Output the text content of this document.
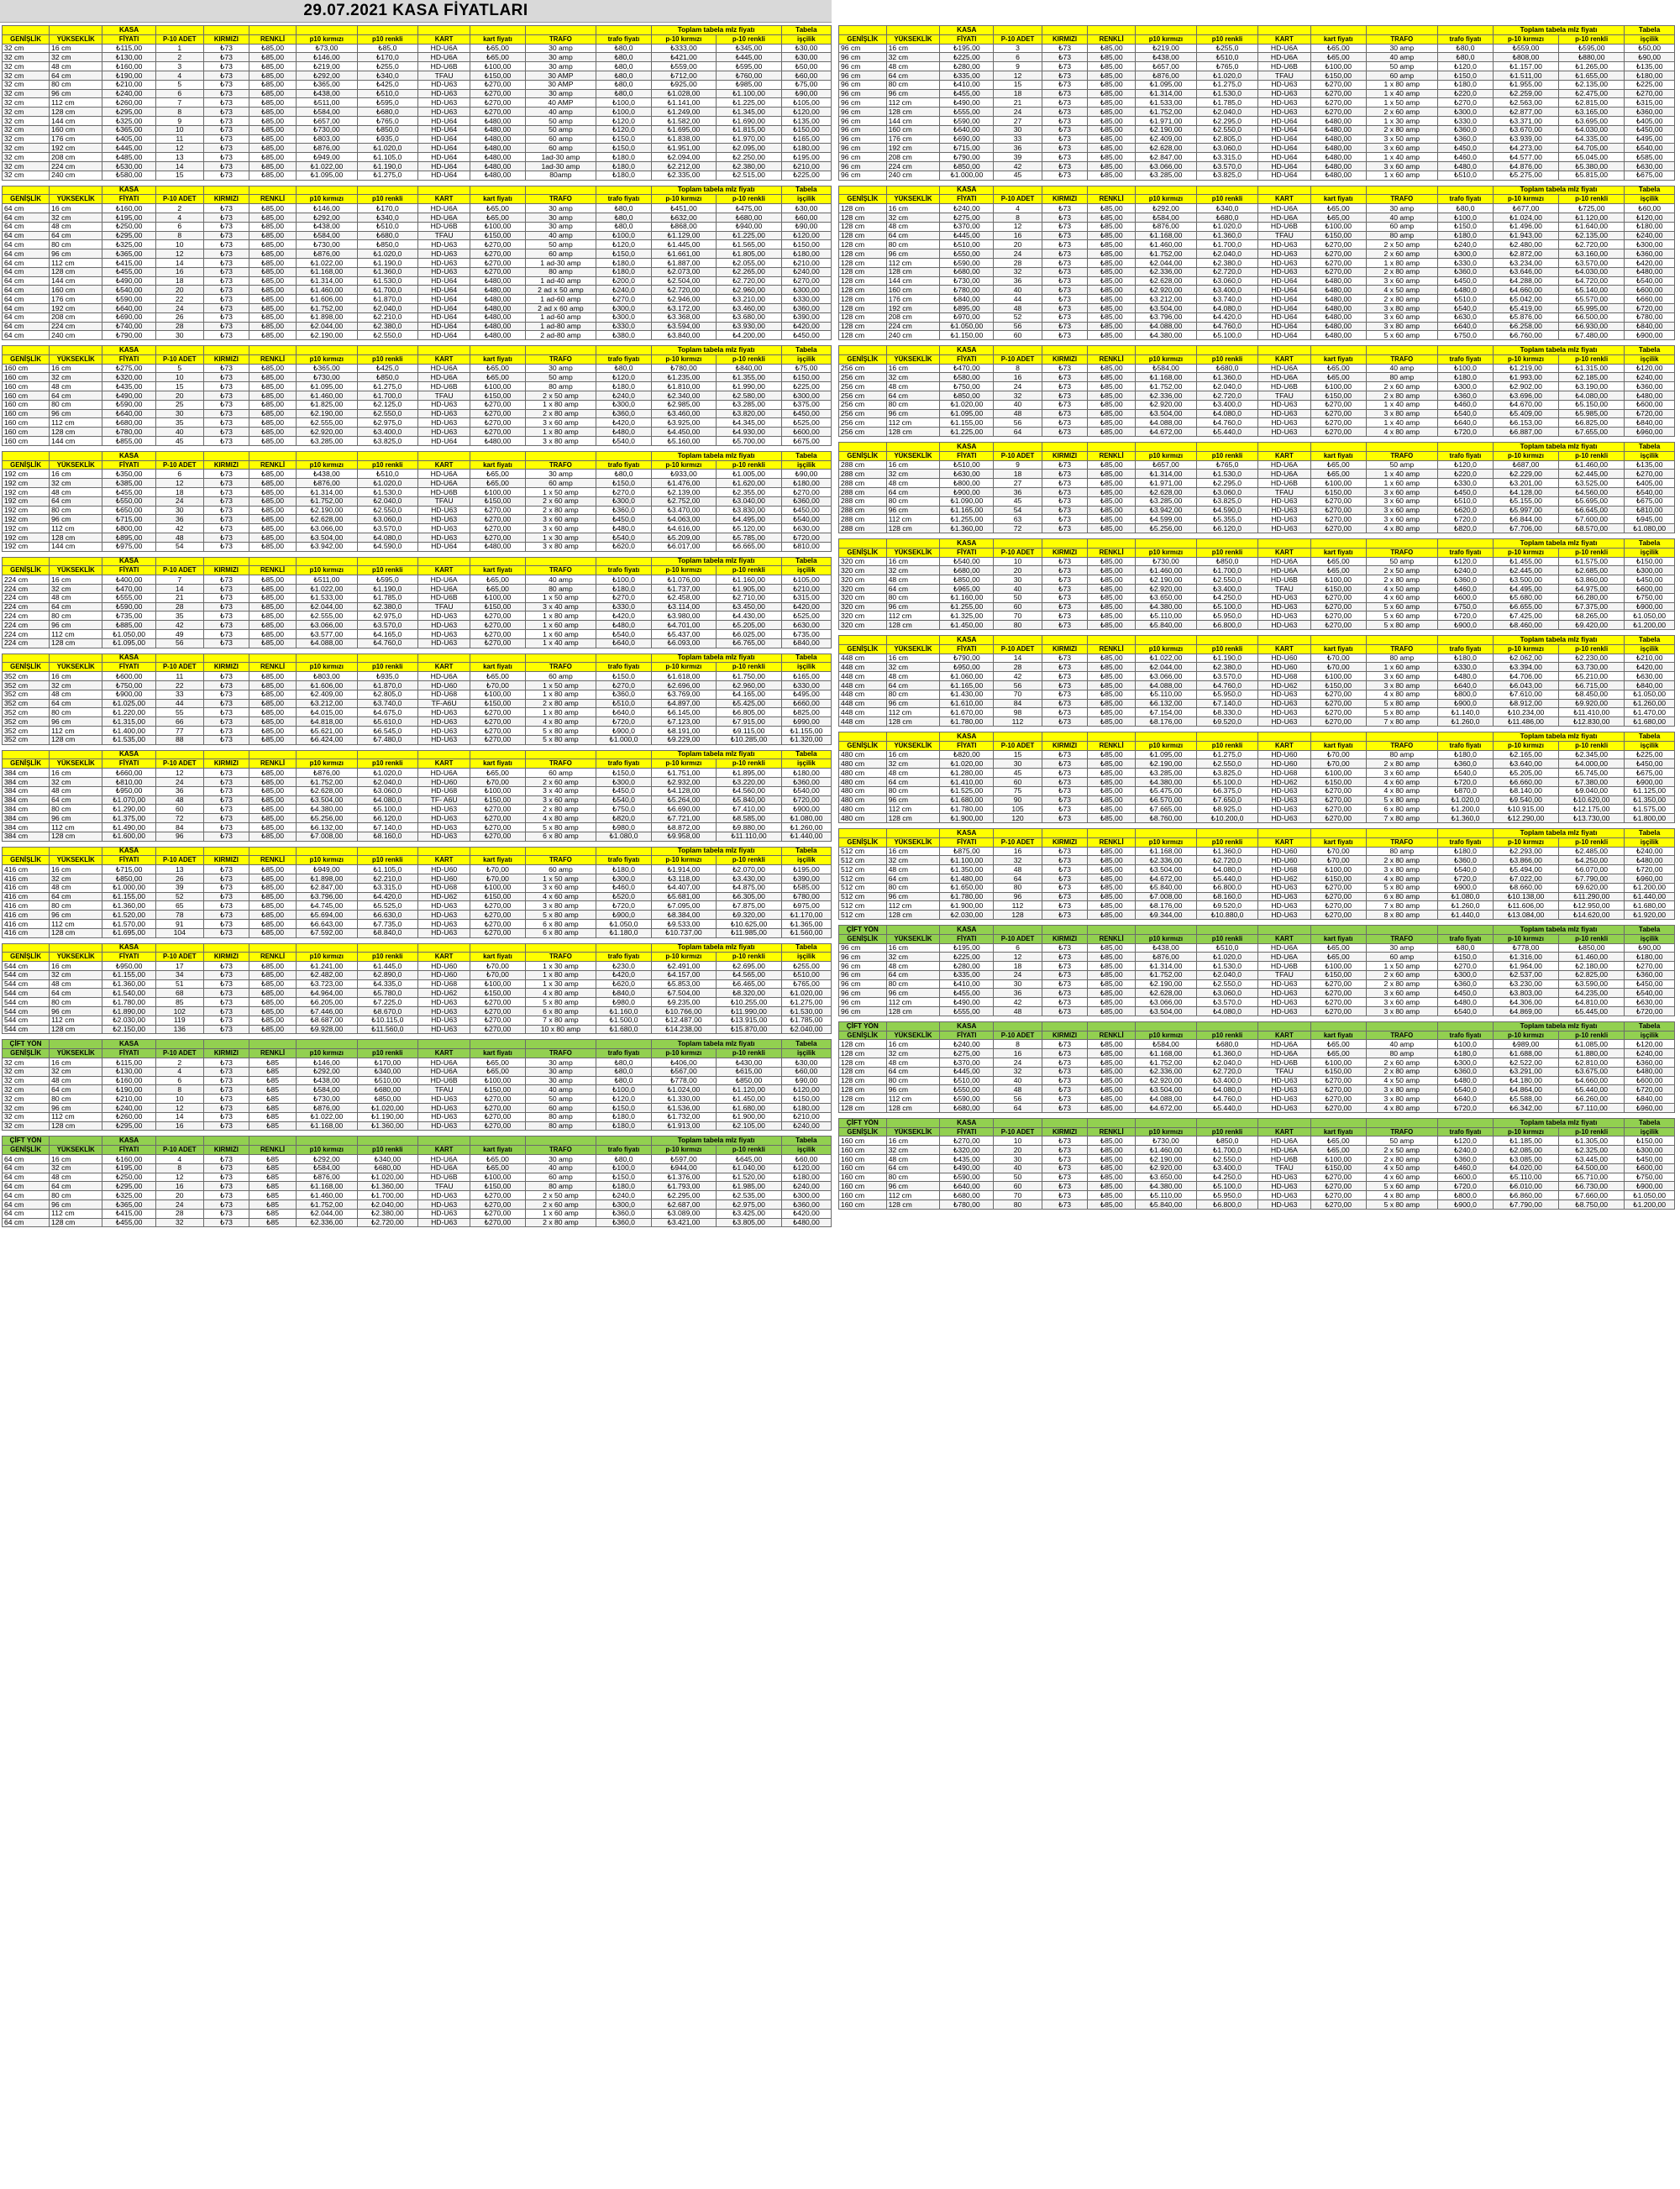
29.07.2021 KASA FİYATLARI
		KASA										Toplam tabela mlz fiyatı		Tabela
GENİŞLİK	YÜKSEKLİK	FİYATI	P-10 ADET	KIRMIZI	RENKLİ	p10 kırmızı	p10 renkli	KART	kart fiyatı	TRAFO	trafo fiyatı	p-10 kırmızı	p-10 renkli	işçilik
32 cm	16 cm	₺115,00	1	₺73	₺85,00	₺73,00	₺85,0	HD-U6A	₺65,00	30 amp	₺80,0	₺333,00	₺345,00	₺30,00
32 cm	32 cm	₺130,00	2	₺73	₺85,00	₺146,00	₺170,0	HD-U6A	₺65,00	30 amp	₺80,0	₺421,00	₺445,00	₺30,00
32 cm	48 cm	₺160,00	3	₺73	₺85,00	₺219,00	₺255,0	HD-U6B	₺100,00	30 amp	₺80,0	₺559,00	₺595,00	₺50,00
32 cm	64 cm	₺190,00	4	₺73	₺85,00	₺292,00	₺340,0	TFAU	₺150,00	30 AMP	₺80,0	₺712,00	₺760,00	₺60,00
32 cm	80 cm	₺210,00	5	₺73	₺85,00	₺365,00	₺425,0	HD-U63	₺270,00	30 AMP	₺80,0	₺925,00	₺985,00	₺75,00
32 cm	96 cm	₺240,00	6	₺73	₺85,00	₺438,00	₺510,0	HD-U63	₺270,00	30 amp	₺80,0	₺1.028,00	₺1.100,00	₺90,00
32 cm	112 cm	₺260,00	7	₺73	₺85,00	₺511,00	₺595,0	HD-U63	₺270,00	40 AMP	₺100,0	₺1.141,00	₺1.225,00	₺105,00
32 cm	128 cm	₺295,00	8	₺73	₺85,00	₺584,00	₺680,0	HD-U63	₺270,00	40 amp	₺100,0	₺1.249,00	₺1.345,00	₺120,00
32 cm	144 cm	₺325,00	9	₺73	₺85,00	₺657,00	₺765,0	HD-U64	₺480,00	50 amp	₺120,0	₺1.582,00	₺1.690,00	₺135,00
32 cm	160 cm	₺365,00	10	₺73	₺85,00	₺730,00	₺850,0	HD-U64	₺480,00	50 amp	₺120,0	₺1.695,00	₺1.815,00	₺150,00
32 cm	176 cm	₺405,00	11	₺73	₺85,00	₺803,00	₺935,0	HD-U64	₺480,00	60 amp	₺150,0	₺1.838,00	₺1.970,00	₺165,00
32 cm	192 cm	₺445,00	12	₺73	₺85,00	₺876,00	₺1.020,0	HD-U64	₺480,00	60 amp	₺150,0	₺1.951,00	₺2.095,00	₺180,00
32 cm	208 cm	₺485,00	13	₺73	₺85,00	₺949,00	₺1.105,0	HD-U64	₺480,00	1ad-30 amp	₺180,0	₺2.094,00	₺2.250,00	₺195,00
32 cm	224 cm	₺530,00	14	₺73	₺85,00	₺1.022,00	₺1.190,0	HD-U64	₺480,00	1ad-30 amp	₺180,0	₺2.212,00	₺2.380,00	₺210,00
32 cm	240 cm	₺580,00	15	₺73	₺85,00	₺1.095,00	₺1.275,0	HD-U64	₺480,00	80amp	₺180,0	₺2.335,00	₺2.515,00	₺225,00
		KASA										Toplam tabela mlz fiyatı		Tabela
GENİŞLİK	YÜKSEKLİK	FİYATI	P-10 ADET	KIRMIZI	RENKLİ	p10 kırmızı	p10 renkli	KART	kart fiyatı	TRAFO	trafo fiyatı	p-10 kırmızı	p-10 renkli	işçilik
64 cm	16 cm	₺160,00	2	₺73	₺85,00	₺146,00	₺170,0	HD-U6A	₺65,00	30 amp	₺80,0	₺451,00	₺475,00	₺30,00
64 cm	32 cm	₺195,00	4	₺73	₺85,00	₺292,00	₺340,0	HD-U6A	₺65,00	30 amp	₺80,0	₺632,00	₺680,00	₺60,00
64 cm	48 cm	₺250,00	6	₺73	₺85,00	₺438,00	₺510,0	HD-U6B	₺100,00	30 amp	₺80,0	₺868,00	₺940,00	₺90,00
64 cm	64 cm	₺295,00	8	₺73	₺85,00	₺584,00	₺680,0	TFAU	₺150,00	40 amp	₺100,0	₺1.129,00	₺1.225,00	₺120,00
64 cm	80 cm	₺325,00	10	₺73	₺85,00	₺730,00	₺850,0	HD-U63	₺270,00	50 amp	₺120,0	₺1.445,00	₺1.565,00	₺150,00
64 cm	96 cm	₺365,00	12	₺73	₺85,00	₺876,00	₺1.020,0	HD-U63	₺270,00	60 amp	₺150,0	₺1.661,00	₺1.805,00	₺180,00
64 cm	112 cm	₺415,00	14	₺73	₺85,00	₺1.022,00	₺1.190,0	HD-U63	₺270,00	1 ad-30 amp	₺180,0	₺1.887,00	₺2.055,00	₺210,00
64 cm	128 cm	₺455,00	16	₺73	₺85,00	₺1.168,00	₺1.360,0	HD-U63	₺270,00	80 amp	₺180,0	₺2.073,00	₺2.265,00	₺240,00
64 cm	144 cm	₺490,00	18	₺73	₺85,00	₺1.314,00	₺1.530,0	HD-U64	₺480,00	1 ad-40 amp	₺200,0	₺2.504,00	₺2.720,00	₺270,00
64 cm	160 cm	₺540,00	20	₺73	₺85,00	₺1.460,00	₺1.700,0	HD-U64	₺480,00	2 ad x 50 amp	₺240,0	₺2.720,00	₺2.960,00	₺300,00
64 cm	176 cm	₺590,00	22	₺73	₺85,00	₺1.606,00	₺1.870,0	HD-U64	₺480,00	1 ad-60 amp	₺270,0	₺2.946,00	₺3.210,00	₺330,00
64 cm	192 cm	₺640,00	24	₺73	₺85,00	₺1.752,00	₺2.040,0	HD-U64	₺480,00	2 ad x 60 amp	₺300,0	₺3.172,00	₺3.460,00	₺360,00
64 cm	208 cm	₺690,00	26	₺73	₺85,00	₺1.898,00	₺2.210,0	HD-U64	₺480,00	1 ad-60 amp	₺300,0	₺3.368,00	₺3.680,00	₺390,00
64 cm	224 cm	₺740,00	28	₺73	₺85,00	₺2.044,00	₺2.380,0	HD-U64	₺480,00	1 ad-80 amp	₺330,0	₺3.594,00	₺3.930,00	₺420,00
64 cm	240 cm	₺790,00	30	₺73	₺85,00	₺2.190,00	₺2.550,0	HD-U64	₺480,00	2 ad-80 amp	₺380,0	₺3.840,00	₺4.200,00	₺450,00
		KASA										Toplam tabela mlz fiyatı		Tabela
GENİŞLİK	YÜKSEKLİK	FİYATI	P-10 ADET	KIRMIZI	RENKLİ	p10 kırmızı	p10 renkli	KART	kart fiyatı	TRAFO	trafo fiyatı	p-10 kırmızı	p-10 renkli	işçilik
160 cm	16 cm	₺275,00	5	₺73	₺85,00	₺365,00	₺425,0	HD-U6A	₺65,00	30 amp	₺80,0	₺780,00	₺840,00	₺75,00
160 cm	32 cm	₺320,00	10	₺73	₺85,00	₺730,00	₺850,0	HD-U6A	₺65,00	50 amp	₺120,0	₺1.235,00	₺1.355,00	₺150,00
160 cm	48 cm	₺435,00	15	₺73	₺85,00	₺1.095,00	₺1.275,0	HD-U6B	₺100,00	80 amp	₺180,0	₺1.810,00	₺1.990,00	₺225,00
160 cm	64 cm	₺490,00	20	₺73	₺85,00	₺1.460,00	₺1.700,0	TFAU	₺150,00	2 x 50 amp	₺240,0	₺2.340,00	₺2.580,00	₺300,00
160 cm	80 cm	₺590,00	25	₺73	₺85,00	₺1.825,00	₺2.125,0	HD-U63	₺270,00	1 x 80 amp	₺300,0	₺2.985,00	₺3.285,00	₺375,00
160 cm	96 cm	₺640,00	30	₺73	₺85,00	₺2.190,00	₺2.550,0	HD-U63	₺270,00	2 x 80 amp	₺360,0	₺3.460,00	₺3.820,00	₺450,00
160 cm	112 cm	₺680,00	35	₺73	₺85,00	₺2.555,00	₺2.975,0	HD-U63	₺270,00	3 x 60 amp	₺420,0	₺3.925,00	₺4.345,00	₺525,00
160 cm	128 cm	₺780,00	40	₺73	₺85,00	₺2.920,00	₺3.400,0	HD-U63	₺270,00	1 x 80 amp	₺480,0	₺4.450,00	₺4.930,00	₺600,00
160 cm	144 cm	₺855,00	45	₺73	₺85,00	₺3.285,00	₺3.825,0	HD-U64	₺480,00	3 x 80 amp	₺540,0	₺5.160,00	₺5.700,00	₺675,00
		KASA										Toplam tabela mlz fiyatı		Tabela
GENİŞLİK	YÜKSEKLİK	FİYATI	P-10 ADET	KIRMIZI	RENKLİ	p10 kırmızı	p10 renkli	KART	kart fiyatı	TRAFO	trafo fiyatı	p-10 kırmızı	p-10 renkli	işçilik
192 cm	16 cm	₺350,00	6	₺73	₺85,00	₺438,00	₺510,0	HD-U6A	₺65,00	30 amp	₺80,0	₺933,00	₺1.005,00	₺90,00
192 cm	32 cm	₺385,00	12	₺73	₺85,00	₺876,00	₺1.020,0	HD-U6A	₺65,00	60 amp	₺150,0	₺1.476,00	₺1.620,00	₺180,00
192 cm	48 cm	₺455,00	18	₺73	₺85,00	₺1.314,00	₺1.530,0	HD-U6B	₺100,00	1 x 50 amp	₺270,0	₺2.139,00	₺2.355,00	₺270,00
192 cm	64 cm	₺550,00	24	₺73	₺85,00	₺1.752,00	₺2.040,0	TFAU	₺150,00	2 x 60 amp	₺300,0	₺2.752,00	₺3.040,00	₺360,00
192 cm	80 cm	₺650,00	30	₺73	₺85,00	₺2.190,00	₺2.550,0	HD-U63	₺270,00	2 x 80 amp	₺360,0	₺3.470,00	₺3.830,00	₺450,00
192 cm	96 cm	₺715,00	36	₺73	₺85,00	₺2.628,00	₺3.060,0	HD-U63	₺270,00	3 x 60 amp	₺450,0	₺4.063,00	₺4.495,00	₺540,00
192 cm	112 cm	₺800,00	42	₺73	₺85,00	₺3.066,00	₺3.570,0	HD-U63	₺270,00	3 x 60 amp	₺480,0	₺4.616,00	₺5.120,00	₺630,00
192 cm	128 cm	₺895,00	48	₺73	₺85,00	₺3.504,00	₺4.080,0	HD-U63	₺270,00	1 x 30 amp	₺540,0	₺5.209,00	₺5.785,00	₺720,00
192 cm	144 cm	₺975,00	54	₺73	₺85,00	₺3.942,00	₺4.590,0	HD-U64	₺480,00	3 x 80 amp	₺620,0	₺6.017,00	₺6.665,00	₺810,00
		KASA										Toplam tabela mlz fiyatı		Tabela
GENİŞLİK	YÜKSEKLİK	FİYATI	P-10 ADET	KIRMIZI	RENKLİ	p10 kırmızı	p10 renkli	KART	kart fiyatı	TRAFO	trafo fiyatı	p-10 kırmızı	p-10 renkli	işçilik
224 cm	16 cm	₺400,00	7	₺73	₺85,00	₺511,00	₺595,0	HD-U6A	₺65,00	40 amp	₺100,0	₺1.076,00	₺1.160,00	₺105,00
224 cm	32 cm	₺470,00	14	₺73	₺85,00	₺1.022,00	₺1.190,0	HD-U6A	₺65,00	80 amp	₺180,0	₺1.737,00	₺1.905,00	₺210,00
224 cm	48 cm	₺555,00	21	₺73	₺85,00	₺1.533,00	₺1.785,0	HD-U6B	₺100,00	1 x 50 amp	₺270,0	₺2.458,00	₺2.710,00	₺315,00
224 cm	64 cm	₺590,00	28	₺73	₺85,00	₺2.044,00	₺2.380,0	TFAU	₺150,00	3 x 40 amp	₺330,0	₺3.114,00	₺3.450,00	₺420,00
224 cm	80 cm	₺735,00	35	₺73	₺85,00	₺2.555,00	₺2.975,0	HD-U63	₺270,00	1 x 80 amp	₺420,0	₺3.980,00	₺4.430,00	₺525,00
224 cm	96 cm	₺885,00	42	₺73	₺85,00	₺3.066,00	₺3.570,0	HD-U63	₺270,00	1 x 60 amp	₺480,0	₺4.701,00	₺5.205,00	₺630,00
224 cm	112 cm	₺1.050,00	49	₺73	₺85,00	₺3.577,00	₺4.165,0	HD-U63	₺270,00	1 x 60 amp	₺540,0	₺5.437,00	₺6.025,00	₺735,00
224 cm	128 cm	₺1.095,00	56	₺73	₺85,00	₺4.088,00	₺4.760,0	HD-U63	₺270,00	1 x 40 amp	₺640,0	₺6.093,00	₺6.765,00	₺840,00
		KASA										Toplam tabela mlz fiyatı		Tabela
GENİŞLİK	YÜKSEKLİK	FİYATI	P-10 ADET	KIRMIZI	RENKLİ	p10 kırmızı	p10 renkli	KART	kart fiyatı	TRAFO	trafo fiyatı	p-10 kırmızı	p-10 renkli	işçilik
352 cm	16 cm	₺600,00	11	₺73	₺85,00	₺803,00	₺935,0	HD-U6A	₺65,00	60 amp	₺150,0	₺1.618,00	₺1.750,00	₺165,00
352 cm	32 cm	₺750,00	22	₺73	₺85,00	₺1.606,00	₺1.870,0	HD-U60	₺70,00	1 x 50 amp	₺270,0	₺2.696,00	₺2.960,00	₺330,00
352 cm	48 cm	₺900,00	33	₺73	₺85,00	₺2.409,00	₺2.805,0	HD-U68	₺100,00	1 x 80 amp	₺360,0	₺3.769,00	₺4.165,00	₺495,00
352 cm	64 cm	₺1.025,00	44	₺73	₺85,00	₺3.212,00	₺3.740,0	TF-A6U	₺150,00	2 x 80 amp	₺510,0	₺4.897,00	₺5.425,00	₺660,00
352 cm	80 cm	₺1.220,00	55	₺73	₺85,00	₺4.015,00	₺4.675,0	HD-U63	₺270,00	1 x 80 amp	₺640,0	₺6.145,00	₺6.805,00	₺825,00
352 cm	96 cm	₺1.315,00	66	₺73	₺85,00	₺4.818,00	₺5.610,0	HD-U63	₺270,00	4 x 80 amp	₺720,0	₺7.123,00	₺7.915,00	₺990,00
352 cm	112 cm	₺1.400,00	77	₺73	₺85,00	₺5.621,00	₺6.545,0	HD-U63	₺270,00	5 x 80 amp	₺900,0	₺8.191,00	₺9.115,00	₺1.155,00
352 cm	128 cm	₺1.535,00	88	₺73	₺85,00	₺6.424,00	₺7.480,0	HD-U63	₺270,00	5 x 80 amp	₺1.000,0	₺9.229,00	₺10.285,00	₺1.320,00
		KASA										Toplam tabela mlz fiyatı		Tabela
GENİŞLİK	YÜKSEKLİK	FİYATI	P-10 ADET	KIRMIZI	RENKLİ	p10 kırmızı	p10 renkli	KART	kart fiyatı	TRAFO	trafo fiyatı	p-10 kırmızı	p-10 renkli	işçilik
384 cm	16 cm	₺660,00	12	₺73	₺85,00	₺876,00	₺1.020,0	HD-U6A	₺65,00	60 amp	₺150,0	₺1.751,00	₺1.895,00	₺180,00
384 cm	32 cm	₺810,00	24	₺73	₺85,00	₺1.752,00	₺2.040,0	HD-U60	₺70,00	2 x 60 amp	₺300,0	₺2.932,00	₺3.220,00	₺360,00
384 cm	48 cm	₺950,00	36	₺73	₺85,00	₺2.628,00	₺3.060,0	HD-U68	₺100,00	3 x 40 amp	₺450,0	₺4.128,00	₺4.560,00	₺540,00
384 cm	64 cm	₺1.070,00	48	₺73	₺85,00	₺3.504,00	₺4.080,0	TF- A6U	₺150,00	3 x 60 amp	₺540,0	₺5.264,00	₺5.840,00	₺720,00
384 cm	80 cm	₺1.290,00	60	₺73	₺85,00	₺4.380,00	₺5.100,0	HD-U63	₺270,00	2 x 80 amp	₺750,0	₺6.690,00	₺7.410,00	₺900,00
384 cm	96 cm	₺1.375,00	72	₺73	₺85,00	₺5.256,00	₺6.120,0	HD-U63	₺270,00	4 x 80 amp	₺820,0	₺7.721,00	₺8.585,00	₺1.080,00
384 cm	112 cm	₺1.490,00	84	₺73	₺85,00	₺6.132,00	₺7.140,0	HD-U63	₺270,00	5 x 80 amp	₺980,0	₺8.872,00	₺9.880,00	₺1.260,00
384 cm	128 cm	₺1.600,00	96	₺73	₺85,00	₺7.008,00	₺8.160,0	HD-U63	₺270,00	6 x 80 amp	₺1.080,0	₺9.958,00	₺11.110,00	₺1.440,00
		KASA										Toplam tabela mlz fiyatı		Tabela
GENİŞLİK	YÜKSEKLİK	FİYATI	P-10 ADET	KIRMIZI	RENKLİ	p10 kırmızı	p10 renkli	KART	kart fiyatı	TRAFO	trafo fiyatı	p-10 kırmızı	p-10 renkli	işçilik
416 cm	16 cm	₺715,00	13	₺73	₺85,00	₺949,00	₺1.105,0	HD-U60	₺70,00	60 amp	₺180,0	₺1.914,00	₺2.070,00	₺195,00
416 cm	32 cm	₺850,00	26	₺73	₺85,00	₺1.898,00	₺2.210,0	HD-U60	₺70,00	1 x 50 amp	₺300,0	₺3.118,00	₺3.430,00	₺390,00
416 cm	48 cm	₺1.000,00	39	₺73	₺85,00	₺2.847,00	₺3.315,0	HD-U68	₺100,00	3 x 60 amp	₺460,0	₺4.407,00	₺4.875,00	₺585,00
416 cm	64 cm	₺1.155,00	52	₺73	₺85,00	₺3.796,00	₺4.420,0	HD-U62	₺150,00	4 x 60 amp	₺520,0	₺5.681,00	₺6.305,00	₺780,00
416 cm	80 cm	₺1.360,00	65	₺73	₺85,00	₺4.745,00	₺5.525,0	HD-U63	₺270,00	3 x 80 amp	₺720,0	₺7.095,00	₺7.875,00	₺975,00
416 cm	96 cm	₺1.520,00	78	₺73	₺85,00	₺5.694,00	₺6.630,0	HD-U63	₺270,00	5 x 80 amp	₺900,0	₺8.384,00	₺9.320,00	₺1.170,00
416 cm	112 cm	₺1.570,00	91	₺73	₺85,00	₺6.643,00	₺7.735,0	HD-U63	₺270,00	6 x 80 amp	₺1.050,0	₺9.533,00	₺10.625,00	₺1.365,00
416 cm	128 cm	₺1.695,00	104	₺73	₺85,00	₺7.592,00	₺8.840,0	HD-U63	₺270,00	6 x 80 amp	₺1.180,0	₺10.737,00	₺11.985,00	₺1.560,00
		KASA										Toplam tabela mlz fiyatı		Tabela
GENİŞLİK	YÜKSEKLİK	FİYATI	P-10 ADET	KIRMIZI	RENKLİ	p10 kırmızı	p10 renkli	KART	kart fiyatı	TRAFO	trafo fiyatı	p-10 kırmızı	p-10 renkli	işçilik
544 cm	16 cm	₺950,00	17	₺73	₺85,00	₺1.241,00	₺1.445,0	HD-U60	₺70,00	1 x 30 amp	₺230,0	₺2.491,00	₺2.695,00	₺255,00
544 cm	32 cm	₺1.155,00	34	₺73	₺85,00	₺2.482,00	₺2.890,0	HD-U60	₺70,00	1 x 80 amp	₺420,0	₺4.157,00	₺4.565,00	₺510,00
544 cm	48 cm	₺1.360,00	51	₺73	₺85,00	₺3.723,00	₺4.335,0	HD-U68	₺100,00	1 x 30 amp	₺620,0	₺5.853,00	₺6.465,00	₺765,00
544 cm	64 cm	₺1.540,00	68	₺73	₺85,00	₺4.964,00	₺5.780,0	HD-U62	₺150,00	4 x 80 amp	₺840,0	₺7.504,00	₺8.320,00	₺1.020,00
544 cm	80 cm	₺1.780,00	85	₺73	₺85,00	₺6.205,00	₺7.225,0	HD-U63	₺270,00	5 x 80 amp	₺980,0	₺9.235,00	₺10.255,00	₺1.275,00
544 cm	96 cm	₺1.890,00	102	₺73	₺85,00	₺7.446,00	₺8.670,0	HD-U63	₺270,00	6 x 80 amp	₺1.160,0	₺10.766,00	₺11.990,00	₺1.530,00
544 cm	112 cm	₺2.030,00	119	₺73	₺85,00	₺8.687,00	₺10.115,0	HD-U63	₺270,00	7 x 80 amp	₺1.500,0	₺12.487,00	₺13.915,00	₺1.785,00
544 cm	128 cm	₺2.150,00	136	₺73	₺85,00	₺9.928,00	₺11.560,0	HD-U63	₺270,00	10 x 80 amp	₺1.680,0	₺14.238,00	₺15.870,00	₺2.040,00
ÇİFT YÖN		KASA										Toplam tabela mlz fiyatı		Tabela
GENİŞLİK	YÜKSEKLİK	FİYATI	P-10 ADET	KIRMIZI	RENKLİ	p10 kırmızı	p10 renkli	KART	kart fiyatı	TRAFO	trafo fiyatı	p-10 kırmızı	p-10 renkli	işçilik
32 cm	16 cm	₺115,00	2	₺73	₺85	₺146,00	₺170,00	HD-U6A	₺65,00	30 amp	₺80,0	₺406,00	₺430,00	₺30,00
32 cm	32 cm	₺130,00	4	₺73	₺85	₺292,00	₺340,00	HD-U6A	₺65,00	30 amp	₺80,0	₺567,00	₺615,00	₺60,00
32 cm	48 cm	₺160,00	6	₺73	₺85	₺438,00	₺510,00	HD-U6B	₺100,00	30 amp	₺80,0	₺778,00	₺850,00	₺90,00
32 cm	64 cm	₺190,00	8	₺73	₺85	₺584,00	₺680,00	TFAU	₺150,00	40 amp	₺100,0	₺1.024,00	₺1.120,00	₺120,00
32 cm	80 cm	₺210,00	10	₺73	₺85	₺730,00	₺850,00	HD-U63	₺270,00	50 amp	₺120,0	₺1.330,00	₺1.450,00	₺150,00
32 cm	96 cm	₺240,00	12	₺73	₺85	₺876,00	₺1.020,00	HD-U63	₺270,00	60 amp	₺150,0	₺1.536,00	₺1.680,00	₺180,00
32 cm	112 cm	₺260,00	14	₺73	₺85	₺1.022,00	₺1.190,00	HD-U63	₺270,00	80 amp	₺180,0	₺1.732,00	₺1.900,00	₺210,00
32 cm	128 cm	₺295,00	16	₺73	₺85	₺1.168,00	₺1.360,00	HD-U63	₺270,00	80 amp	₺180,0	₺1.913,00	₺2.105,00	₺240,00
ÇİFT YÖN		KASA										Toplam tabela mlz fiyatı		Tabela
GENİŞLİK	YÜKSEKLİK	FİYATI	P-10 ADET	KIRMIZI	RENKLİ	p10 kırmızı	p10 renkli	KART	kart fiyatı	TRAFO	trafo fiyatı	p-10 kırmızı	p-10 renkli	işçilik
64 cm	16 cm	₺160,00	4	₺73	₺85	₺292,00	₺340,00	HD-U6A	₺65,00	30 amp	₺80,0	₺597,00	₺645,00	₺60,00
64 cm	32 cm	₺195,00	8	₺73	₺85	₺584,00	₺680,00	HD-U6A	₺65,00	40 amp	₺100,0	₺944,00	₺1.040,00	₺120,00
64 cm	48 cm	₺250,00	12	₺73	₺85	₺876,00	₺1.020,00	HD-U6B	₺100,00	60 amp	₺150,0	₺1.376,00	₺1.520,00	₺180,00
64 cm	64 cm	₺295,00	16	₺73	₺85	₺1.168,00	₺1.360,00	TFAU	₺150,00	80 amp	₺180,0	₺1.793,00	₺1.985,00	₺240,00
64 cm	80 cm	₺325,00	20	₺73	₺85	₺1.460,00	₺1.700,00	HD-U63	₺270,00	2 x 50 amp	₺240,0	₺2.295,00	₺2.535,00	₺300,00
64 cm	96 cm	₺365,00	24	₺73	₺85	₺1.752,00	₺2.040,00	HD-U63	₺270,00	2 x 60 amp	₺300,0	₺2.687,00	₺2.975,00	₺360,00
64 cm	112 cm	₺415,00	28	₺73	₺85	₺2.044,00	₺2.380,00	HD-U63	₺270,00	1 x 60 amp	₺360,0	₺3.089,00	₺3.425,00	₺420,00
64 cm	128 cm	₺455,00	32	₺73	₺85	₺2.336,00	₺2.720,00	HD-U63	₺270,00	2 x 80 amp	₺360,0	₺3.421,00	₺3.805,00	₺480,00
		KASA										Toplam tabela mlz fiyatı		Tabela
GENİŞLİK	YÜKSEKLİK	FİYATI	P-10 ADET	KIRMIZI	RENKLİ	p10 kırmızı	p10 renkli	KART	kart fiyatı	TRAFO	trafo fiyatı	p-10 kırmızı	p-10 renkli	işçilik
96 cm	16 cm	₺195,00	3	₺73	₺85,00	₺219,00	₺255,0	HD-U6A	₺65,00	30 amp	₺80,0	₺559,00	₺595,00	₺50,00
96 cm	32 cm	₺225,00	6	₺73	₺85,00	₺438,00	₺510,0	HD-U6A	₺65,00	40 amp	₺80,0	₺808,00	₺880,00	₺90,00
96 cm	48 cm	₺280,00	9	₺73	₺85,00	₺657,00	₺765,0	HD-U6B	₺100,00	50 amp	₺120,0	₺1.157,00	₺1.265,00	₺135,00
96 cm	64 cm	₺335,00	12	₺73	₺85,00	₺876,00	₺1.020,0	TFAU	₺150,00	60 amp	₺150,0	₺1.511,00	₺1.655,00	₺180,00
96 cm	80 cm	₺410,00	15	₺73	₺85,00	₺1.095,00	₺1.275,0	HD-U63	₺270,00	1 x 80 amp	₺180,0	₺1.955,00	₺2.135,00	₺225,00
96 cm	96 cm	₺455,00	18	₺73	₺85,00	₺1.314,00	₺1.530,0	HD-U63	₺270,00	1 x 40 amp	₺220,0	₺2.259,00	₺2.475,00	₺270,00
96 cm	112 cm	₺490,00	21	₺73	₺85,00	₺1.533,00	₺1.785,0	HD-U63	₺270,00	1 x 50 amp	₺270,0	₺2.563,00	₺2.815,00	₺315,00
96 cm	128 cm	₺555,00	24	₺73	₺85,00	₺1.752,00	₺2.040,0	HD-U63	₺270,00	2 x 60 amp	₺300,0	₺2.877,00	₺3.165,00	₺360,00
96 cm	144 cm	₺590,00	27	₺73	₺85,00	₺1.971,00	₺2.295,0	HD-U64	₺480,00	1 x 30 amp	₺330,0	₺3.371,00	₺3.695,00	₺405,00
96 cm	160 cm	₺640,00	30	₺73	₺85,00	₺2.190,00	₺2.550,0	HD-U64	₺480,00	2 x 80 amp	₺360,0	₺3.670,00	₺4.030,00	₺450,00
96 cm	176 cm	₺690,00	33	₺73	₺85,00	₺2.409,00	₺2.805,0	HD-U64	₺480,00	3 x 50 amp	₺360,0	₺3.939,00	₺4.335,00	₺495,00
96 cm	192 cm	₺715,00	36	₺73	₺85,00	₺2.628,00	₺3.060,0	HD-U64	₺480,00	3 x 60 amp	₺450,0	₺4.273,00	₺4.705,00	₺540,00
96 cm	208 cm	₺790,00	39	₺73	₺85,00	₺2.847,00	₺3.315,0	HD-U64	₺480,00	1 x 40 amp	₺460,0	₺4.577,00	₺5.045,00	₺585,00
96 cm	224 cm	₺850,00	42	₺73	₺85,00	₺3.066,00	₺3.570,0	HD-U64	₺480,00	3 x 60 amp	₺480,0	₺4.876,00	₺5.380,00	₺630,00
96 cm	240 cm	₺1.000,00	45	₺73	₺85,00	₺3.285,00	₺3.825,0	HD-U64	₺480,00	1 x 60 amp	₺510,0	₺5.275,00	₺5.815,00	₺675,00
		KASA										Toplam tabela mlz fiyatı		Tabela
GENİŞLİK	YÜKSEKLİK	FİYATI	P-10 ADET	KIRMIZI	RENKLİ	p10 kırmızı	p10 renkli	KART	kart fiyatı	TRAFO	trafo fiyatı	p-10 kırmızı	p-10 renkli	işçilik
128 cm	16 cm	₺240,00	4	₺73	₺85,00	₺292,00	₺340,0	HD-U6A	₺65,00	30 amp	₺80,0	₺677,00	₺725,00	₺60,00
128 cm	32 cm	₺275,00	8	₺73	₺85,00	₺584,00	₺680,0	HD-U6A	₺65,00	40 amp	₺100,0	₺1.024,00	₺1.120,00	₺120,00
128 cm	48 cm	₺370,00	12	₺73	₺85,00	₺876,00	₺1.020,0	HD-U6B	₺100,00	60 amp	₺150,0	₺1.496,00	₺1.640,00	₺180,00
128 cm	64 cm	₺445,00	16	₺73	₺85,00	₺1.168,00	₺1.360,0	TFAU	₺150,00	80 amp	₺180,0	₺1.943,00	₺2.135,00	₺240,00
128 cm	80 cm	₺510,00	20	₺73	₺85,00	₺1.460,00	₺1.700,0	HD-U63	₺270,00	2 x 50 amp	₺240,0	₺2.480,00	₺2.720,00	₺300,00
128 cm	96 cm	₺550,00	24	₺73	₺85,00	₺1.752,00	₺2.040,0	HD-U63	₺270,00	2 x 60 amp	₺300,0	₺2.872,00	₺3.160,00	₺360,00
128 cm	112 cm	₺590,00	28	₺73	₺85,00	₺2.044,00	₺2.380,0	HD-U63	₺270,00	1 x 80 amp	₺330,0	₺3.234,00	₺3.570,00	₺420,00
128 cm	128 cm	₺680,00	32	₺73	₺85,00	₺2.336,00	₺2.720,0	HD-U63	₺270,00	2 x 80 amp	₺360,0	₺3.646,00	₺4.030,00	₺480,00
128 cm	144 cm	₺730,00	36	₺73	₺85,00	₺2.628,00	₺3.060,0	HD-U64	₺480,00	3 x 60 amp	₺450,0	₺4.288,00	₺4.720,00	₺540,00
128 cm	160 cm	₺780,00	40	₺73	₺85,00	₺2.920,00	₺3.400,0	HD-U64	₺480,00	4 x 50 amp	₺480,0	₺4.660,00	₺5.140,00	₺600,00
128 cm	176 cm	₺840,00	44	₺73	₺85,00	₺3.212,00	₺3.740,0	HD-U64	₺480,00	2 x 80 amp	₺510,0	₺5.042,00	₺5.570,00	₺660,00
128 cm	192 cm	₺895,00	48	₺73	₺85,00	₺3.504,00	₺4.080,0	HD-U64	₺480,00	3 x 80 amp	₺540,0	₺5.419,00	₺5.995,00	₺720,00
128 cm	208 cm	₺970,00	52	₺73	₺85,00	₺3.796,00	₺4.420,0	HD-U64	₺480,00	3 x 60 amp	₺630,0	₺5.876,00	₺6.500,00	₺780,00
128 cm	224 cm	₺1.050,00	56	₺73	₺85,00	₺4.088,00	₺4.760,0	HD-U64	₺480,00	3 x 80 amp	₺640,0	₺6.258,00	₺6.930,00	₺840,00
128 cm	240 cm	₺1.150,00	60	₺73	₺85,00	₺4.380,00	₺5.100,0	HD-U64	₺480,00	5 x 60 amp	₺750,0	₺6.760,00	₺7.480,00	₺900,00
		KASA										Toplam tabela mlz fiyatı		Tabela
GENİŞLİK	YÜKSEKLİK	FİYATI	P-10 ADET	KIRMIZI	RENKLİ	p10 kırmızı	p10 renkli	KART	kart fiyatı	TRAFO	trafo fiyatı	p-10 kırmızı	p-10 renkli	işçilik
256 cm	16 cm	₺470,00	8	₺73	₺85,00	₺584,00	₺680,0	HD-U6A	₺65,00	40 amp	₺100,0	₺1.219,00	₺1.315,00	₺120,00
256 cm	32 cm	₺580,00	16	₺73	₺85,00	₺1.168,00	₺1.360,0	HD-U6A	₺65,00	80 amp	₺180,0	₺1.993,00	₺2.185,00	₺240,00
256 cm	48 cm	₺750,00	24	₺73	₺85,00	₺1.752,00	₺2.040,0	HD-U6B	₺100,00	2 x 60 amp	₺300,0	₺2.902,00	₺3.190,00	₺360,00
256 cm	64 cm	₺850,00	32	₺73	₺85,00	₺2.336,00	₺2.720,0	TFAU	₺150,00	2 x 80 amp	₺360,0	₺3.696,00	₺4.080,00	₺480,00
256 cm	80 cm	₺1.020,00	40	₺73	₺85,00	₺2.920,00	₺3.400,0	HD-U63	₺270,00	1 x 40 amp	₺460,0	₺4.670,00	₺5.150,00	₺600,00
256 cm	96 cm	₺1.095,00	48	₺73	₺85,00	₺3.504,00	₺4.080,0	HD-U63	₺270,00	3 x 80 amp	₺540,0	₺5.409,00	₺5.985,00	₺720,00
256 cm	112 cm	₺1.155,00	56	₺73	₺85,00	₺4.088,00	₺4.760,0	HD-U63	₺270,00	1 x 40 amp	₺640,0	₺6.153,00	₺6.825,00	₺840,00
256 cm	128 cm	₺1.225,00	64	₺73	₺85,00	₺4.672,00	₺5.440,0	HD-U63	₺270,00	4 x 80 amp	₺720,0	₺6.887,00	₺7.655,00	₺960,00
		KASA										Toplam tabela mlz fiyatı		Tabela
GENİŞLİK	YÜKSEKLİK	FİYATI	P-10 ADET	KIRMIZI	RENKLİ	p10 kırmızı	p10 renkli	KART	kart fiyatı	TRAFO	trafo fiyatı	p-10 kırmızı	p-10 renkli	işçilik
288 cm	16 cm	₺510,00	9	₺73	₺85,00	₺657,00	₺765,0	HD-U6A	₺65,00	50 amp	₺120,0	₺687,00	₺1.460,00	₺135,00
288 cm	32 cm	₺630,00	18	₺73	₺85,00	₺1.314,00	₺1.530,0	HD-U6A	₺65,00	1 x 40 amp	₺220,0	₺2.229,00	₺2.445,00	₺270,00
288 cm	48 cm	₺800,00	27	₺73	₺85,00	₺1.971,00	₺2.295,0	HD-U6B	₺100,00	1 x 60 amp	₺330,0	₺3.201,00	₺3.525,00	₺405,00
288 cm	64 cm	₺900,00	36	₺73	₺85,00	₺2.628,00	₺3.060,0	TFAU	₺150,00	3 x 60 amp	₺450,0	₺4.128,00	₺4.560,00	₺540,00
288 cm	80 cm	₺1.090,00	45	₺73	₺85,00	₺3.285,00	₺3.825,0	HD-U63	₺270,00	3 x 60 amp	₺510,0	₺5.155,00	₺5.695,00	₺675,00
288 cm	96 cm	₺1.165,00	54	₺73	₺85,00	₺3.942,00	₺4.590,0	HD-U63	₺270,00	3 x 60 amp	₺620,0	₺5.997,00	₺6.645,00	₺810,00
288 cm	112 cm	₺1.255,00	63	₺73	₺85,00	₺4.599,00	₺5.355,0	HD-U63	₺270,00	3 x 60 amp	₺720,0	₺6.844,00	₺7.600,00	₺945,00
288 cm	128 cm	₺1.360,00	72	₺73	₺85,00	₺5.256,00	₺6.120,0	HD-U63	₺270,00	4 x 80 amp	₺820,0	₺7.706,00	₺8.570,00	₺1.080,00
		KASA										Toplam tabela mlz fiyatı		Tabela
GENİŞLİK	YÜKSEKLİK	FİYATI	P-10 ADET	KIRMIZI	RENKLİ	p10 kırmızı	p10 renkli	KART	kart fiyatı	TRAFO	trafo fiyatı	p-10 kırmızı	p-10 renkli	işçilik
320 cm	16 cm	₺540,00	10	₺73	₺85,00	₺730,00	₺850,0	HD-U6A	₺65,00	50 amp	₺120,0	₺1.455,00	₺1.575,00	₺150,00
320 cm	32 cm	₺680,00	20	₺73	₺85,00	₺1.460,00	₺1.700,0	HD-U6A	₺65,00	2 x 50 amp	₺240,0	₺2.445,00	₺2.685,00	₺300,00
320 cm	48 cm	₺850,00	30	₺73	₺85,00	₺2.190,00	₺2.550,0	HD-U6B	₺100,00	2 x 80 amp	₺360,0	₺3.500,00	₺3.860,00	₺450,00
320 cm	64 cm	₺965,00	40	₺73	₺85,00	₺2.920,00	₺3.400,0	TFAU	₺150,00	4 x 50 amp	₺460,0	₺4.495,00	₺4.975,00	₺600,00
320 cm	80 cm	₺1.160,00	50	₺73	₺85,00	₺3.650,00	₺4.250,0	HD-U63	₺270,00	4 x 60 amp	₺600,0	₺5.680,00	₺6.280,00	₺750,00
320 cm	96 cm	₺1.255,00	60	₺73	₺85,00	₺4.380,00	₺5.100,0	HD-U63	₺270,00	5 x 60 amp	₺750,0	₺6.655,00	₺7.375,00	₺900,00
320 cm	112 cm	₺1.325,00	70	₺73	₺85,00	₺5.110,00	₺5.950,0	HD-U63	₺270,00	5 x 60 amp	₺720,0	₺7.425,00	₺8.265,00	₺1.050,00
320 cm	128 cm	₺1.450,00	80	₺73	₺85,00	₺5.840,00	₺6.800,0	HD-U63	₺270,00	5 x 80 amp	₺900,0	₺8.460,00	₺9.420,00	₺1.200,00
		KASA										Toplam tabela mlz fiyatı		Tabela
GENİŞLİK	YÜKSEKLİK	FİYATI	P-10 ADET	KIRMIZI	RENKLİ	p10 kırmızı	p10 renkli	KART	kart fiyatı	TRAFO	trafo fiyatı	p-10 kırmızı	p-10 renkli	işçilik
448 cm	16 cm	₺790,00	14	₺73	₺85,00	₺1.022,00	₺1.190,0	HD-U60	₺70,00	80 amp	₺180,0	₺2.062,00	₺2.230,00	₺210,00
448 cm	32 cm	₺950,00	28	₺73	₺85,00	₺2.044,00	₺2.380,0	HD-U60	₺70,00	1 x 60 amp	₺330,0	₺3.394,00	₺3.730,00	₺420,00
448 cm	48 cm	₺1.060,00	42	₺73	₺85,00	₺3.066,00	₺3.570,0	HD-U68	₺100,00	3 x 60 amp	₺480,0	₺4.706,00	₺5.210,00	₺630,00
448 cm	64 cm	₺1.165,00	56	₺73	₺85,00	₺4.088,00	₺4.760,0	HD-U62	₺150,00	3 x 80 amp	₺640,0	₺6.043,00	₺6.715,00	₺840,00
448 cm	80 cm	₺1.430,00	70	₺73	₺85,00	₺5.110,00	₺5.950,0	HD-U63	₺270,00	4 x 80 amp	₺800,0	₺7.610,00	₺8.450,00	₺1.050,00
448 cm	96 cm	₺1.610,00	84	₺73	₺85,00	₺6.132,00	₺7.140,0	HD-U63	₺270,00	5 x 80 amp	₺900,0	₺8.912,00	₺9.920,00	₺1.260,00
448 cm	112 cm	₺1.670,00	98	₺73	₺85,00	₺7.154,00	₺8.330,0	HD-U63	₺270,00	5 x 80 amp	₺1.140,0	₺10.234,00	₺11.410,00	₺1.470,00
448 cm	128 cm	₺1.780,00	112	₺73	₺85,00	₺8.176,00	₺9.520,0	HD-U63	₺270,00	7 x 80 amp	₺1.260,0	₺11.486,00	₺12.830,00	₺1.680,00
		KASA										Toplam tabela mlz fiyatı		Tabela
GENİŞLİK	YÜKSEKLİK	FİYATI	P-10 ADET	KIRMIZI	RENKLİ	p10 kırmızı	p10 renkli	KART	kart fiyatı	TRAFO	trafo fiyatı	p-10 kırmızı	p-10 renkli	işçilik
480 cm	16 cm	₺820,00	15	₺73	₺85,00	₺1.095,00	₺1.275,0	HD-U60	₺70,00	80 amp	₺180,0	₺2.165,00	₺2.345,00	₺225,00
480 cm	32 cm	₺1.020,00	30	₺73	₺85,00	₺2.190,00	₺2.550,0	HD-U60	₺70,00	2 x 80 amp	₺360,0	₺3.640,00	₺4.000,00	₺450,00
480 cm	48 cm	₺1.280,00	45	₺73	₺85,00	₺3.285,00	₺3.825,0	HD-U68	₺100,00	3 x 60 amp	₺540,0	₺5.205,00	₺5.745,00	₺675,00
480 cm	64 cm	₺1.410,00	60	₺73	₺85,00	₺4.380,00	₺5.100,0	HD-U62	₺150,00	4 x 60 amp	₺720,0	₺6.660,00	₺7.380,00	₺900,00
480 cm	80 cm	₺1.525,00	75	₺73	₺85,00	₺5.475,00	₺6.375,0	HD-U63	₺270,00	4 x 80 amp	₺870,0	₺8.140,00	₺9.040,00	₺1.125,00
480 cm	96 cm	₺1.680,00	90	₺73	₺85,00	₺6.570,00	₺7.650,0	HD-U63	₺270,00	5 x 80 amp	₺1.020,0	₺9.540,00	₺10.620,00	₺1.350,00
480 cm	112 cm	₺1.780,00	105	₺73	₺85,00	₺7.665,00	₺8.925,0	HD-U63	₺270,00	6 x 80 amp	₺1.200,0	₺10.915,00	₺12.175,00	₺1.575,00
480 cm	128 cm	₺1.900,00	120	₺73	₺85,00	₺8.760,00	₺10.200,0	HD-U63	₺270,00	7 x 80 amp	₺1.360,0	₺12.290,00	₺13.730,00	₺1.800,00
		KASA										Toplam tabela mlz fiyatı		Tabela
GENİŞLİK	YÜKSEKLİK	FİYATI	P-10 ADET	KIRMIZI	RENKLİ	p10 kırmızı	p10 renkli	KART	kart fiyatı	TRAFO	trafo fiyatı	p-10 kırmızı	p-10 renkli	işçilik
512 cm	16 cm	₺875,00	16	₺73	₺85,00	₺1.168,00	₺1.360,0	HD-U60	₺70,00	80 amp	₺180,0	₺2.293,00	₺2.485,00	₺240,00
512 cm	32 cm	₺1.100,00	32	₺73	₺85,00	₺2.336,00	₺2.720,0	HD-U60	₺70,00	2 x 80 amp	₺360,0	₺3.866,00	₺4.250,00	₺480,00
512 cm	48 cm	₺1.350,00	48	₺73	₺85,00	₺3.504,00	₺4.080,0	HD-U68	₺100,00	3 x 80 amp	₺540,0	₺5.494,00	₺6.070,00	₺720,00
512 cm	64 cm	₺1.480,00	64	₺73	₺85,00	₺4.672,00	₺5.440,0	HD-U62	₺150,00	4 x 80 amp	₺720,0	₺7.022,00	₺7.790,00	₺960,00
512 cm	80 cm	₺1.650,00	80	₺73	₺85,00	₺5.840,00	₺6.800,0	HD-U63	₺270,00	5 x 80 amp	₺900,0	₺8.660,00	₺9.620,00	₺1.200,00
512 cm	96 cm	₺1.780,00	96	₺73	₺85,00	₺7.008,00	₺8.160,0	HD-U63	₺270,00	6 x 80 amp	₺1.080,0	₺10.138,00	₺11.290,00	₺1.440,00
512 cm	112 cm	₺1.900,00	112	₺73	₺85,00	₺8.176,00	₺9.520,0	HD-U63	₺270,00	7 x 80 amp	₺1.260,0	₺11.606,00	₺12.950,00	₺1.680,00
512 cm	128 cm	₺2.030,00	128	₺73	₺85,00	₺9.344,00	₺10.880,0	HD-U63	₺270,00	8 x 80 amp	₺1.440,0	₺13.084,00	₺14.620,00	₺1.920,00
ÇİFT YÖN		KASA										Toplam tabela mlz fiyatı		Tabela
GENİŞLİK	YÜKSEKLİK	FİYATI	P-10 ADET	KIRMIZI	RENKLİ	p10 kırmızı	p10 renkli	KART	kart fiyatı	TRAFO	trafo fiyatı	p-10 kırmızı	p-10 renkli	işçilik
96 cm	16 cm	₺195,00	6	₺73	₺85,00	₺438,00	₺510,0	HD-U6A	₺65,00	30 amp	₺80,0	₺778,00	₺850,00	₺90,00
96 cm	32 cm	₺225,00	12	₺73	₺85,00	₺876,00	₺1.020,0	HD-U6A	₺65,00	60 amp	₺150,0	₺1.316,00	₺1.460,00	₺180,00
96 cm	48 cm	₺280,00	18	₺73	₺85,00	₺1.314,00	₺1.530,0	HD-U6B	₺100,00	1 x 50 amp	₺270,0	₺1.964,00	₺2.180,00	₺270,00
96 cm	64 cm	₺335,00	24	₺73	₺85,00	₺1.752,00	₺2.040,0	TFAU	₺150,00	2 x 60 amp	₺300,0	₺2.537,00	₺2.825,00	₺360,00
96 cm	80 cm	₺410,00	30	₺73	₺85,00	₺2.190,00	₺2.550,0	HD-U63	₺270,00	2 x 80 amp	₺360,0	₺3.230,00	₺3.590,00	₺450,00
96 cm	96 cm	₺455,00	36	₺73	₺85,00	₺2.628,00	₺3.060,0	HD-U63	₺270,00	3 x 60 amp	₺450,0	₺3.803,00	₺4.235,00	₺540,00
96 cm	112 cm	₺490,00	42	₺73	₺85,00	₺3.066,00	₺3.570,0	HD-U63	₺270,00	3 x 60 amp	₺480,0	₺4.306,00	₺4.810,00	₺630,00
96 cm	128 cm	₺555,00	48	₺73	₺85,00	₺3.504,00	₺4.080,0	HD-U63	₺270,00	3 x 80 amp	₺540,0	₺4.869,00	₺5.445,00	₺720,00
ÇİFT YÖN		KASA										Toplam tabela mlz fiyatı		Tabela
GENİŞLİK	YÜKSEKLİK	FİYATI	P-10 ADET	KIRMIZI	RENKLİ	p10 kırmızı	p10 renkli	KART	kart fiyatı	TRAFO	trafo fiyatı	p-10 kırmızı	p-10 renkli	işçilik
128 cm	16 cm	₺240,00	8	₺73	₺85,00	₺584,00	₺680,0	HD-U6A	₺65,00	40 amp	₺100,0	₺989,00	₺1.085,00	₺120,00
128 cm	32 cm	₺275,00	16	₺73	₺85,00	₺1.168,00	₺1.360,0	HD-U6A	₺65,00	80 amp	₺180,0	₺1.688,00	₺1.880,00	₺240,00
128 cm	48 cm	₺370,00	24	₺73	₺85,00	₺1.752,00	₺2.040,0	HD-U6B	₺100,00	2 x 60 amp	₺300,0	₺2.522,00	₺2.810,00	₺360,00
128 cm	64 cm	₺445,00	32	₺73	₺85,00	₺2.336,00	₺2.720,0	TFAU	₺150,00	2 x 80 amp	₺360,0	₺3.291,00	₺3.675,00	₺480,00
128 cm	80 cm	₺510,00	40	₺73	₺85,00	₺2.920,00	₺3.400,0	HD-U63	₺270,00	4 x 50 amp	₺480,0	₺4.180,00	₺4.660,00	₺600,00
128 cm	96 cm	₺550,00	48	₺73	₺85,00	₺3.504,00	₺4.080,0	HD-U63	₺270,00	3 x 80 amp	₺540,0	₺4.864,00	₺5.440,00	₺720,00
128 cm	112 cm	₺590,00	56	₺73	₺85,00	₺4.088,00	₺4.760,0	HD-U63	₺270,00	3 x 80 amp	₺640,0	₺5.588,00	₺6.260,00	₺840,00
128 cm	128 cm	₺680,00	64	₺73	₺85,00	₺4.672,00	₺5.440,0	HD-U63	₺270,00	4 x 80 amp	₺720,0	₺6.342,00	₺7.110,00	₺960,00
ÇİFT YÖN		KASA										Toplam tabela mlz fiyatı		Tabela
GENİŞLİK	YÜKSEKLİK	FİYATI	P-10 ADET	KIRMIZI	RENKLİ	p10 kırmızı	p10 renkli	KART	kart fiyatı	TRAFO	trafo fiyatı	p-10 kırmızı	p-10 renkli	işçilik
160 cm	16 cm	₺270,00	10	₺73	₺85,00	₺730,00	₺850,0	HD-U6A	₺65,00	50 amp	₺120,0	₺1.185,00	₺1.305,00	₺150,00
160 cm	32 cm	₺320,00	20	₺73	₺85,00	₺1.460,00	₺1.700,0	HD-U6A	₺65,00	2 x 50 amp	₺240,0	₺2.085,00	₺2.325,00	₺300,00
160 cm	48 cm	₺435,00	30	₺73	₺85,00	₺2.190,00	₺2.550,0	HD-U6B	₺100,00	2 x 80 amp	₺360,0	₺3.085,00	₺3.445,00	₺450,00
160 cm	64 cm	₺490,00	40	₺73	₺85,00	₺2.920,00	₺3.400,0	TFAU	₺150,00	4 x 50 amp	₺460,0	₺4.020,00	₺4.500,00	₺600,00
160 cm	80 cm	₺590,00	50	₺73	₺85,00	₺3.650,00	₺4.250,0	HD-U63	₺270,00	4 x 60 amp	₺600,0	₺5.110,00	₺5.710,00	₺750,00
160 cm	96 cm	₺640,00	60	₺73	₺85,00	₺4.380,00	₺5.100,0	HD-U63	₺270,00	5 x 60 amp	₺720,0	₺6.010,00	₺6.730,00	₺900,00
160 cm	112 cm	₺680,00	70	₺73	₺85,00	₺5.110,00	₺5.950,0	HD-U63	₺270,00	4 x 80 amp	₺800,0	₺6.860,00	₺7.660,00	₺1.050,00
160 cm	128 cm	₺780,00	80	₺73	₺85,00	₺5.840,00	₺6.800,0	HD-U63	₺270,00	5 x 80 amp	₺900,0	₺7.790,00	₺8.750,00	₺1.200,00
